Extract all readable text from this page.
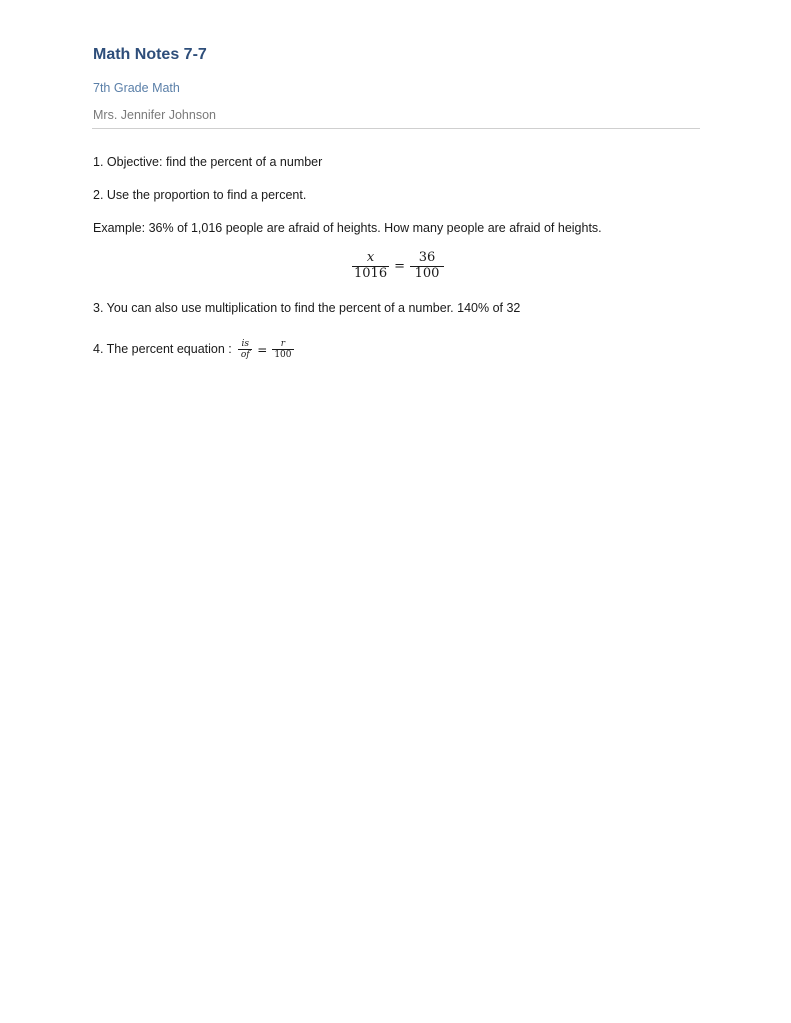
Math Notes 7-7
7th Grade Math
Mrs. Jennifer Johnson
1. Objective: find the percent of a number
2. Use the proportion to find a percent.
Example: 36% of 1,016 people are afraid of heights. How many people are afraid of heights.
$\frac{x}{1016} = \frac{36}{100}$
3. You can also use multiplication to find the percent of a number. 140% of 32
4. The percent equation : $\frac{is}{of} = \frac{r}{100}$
